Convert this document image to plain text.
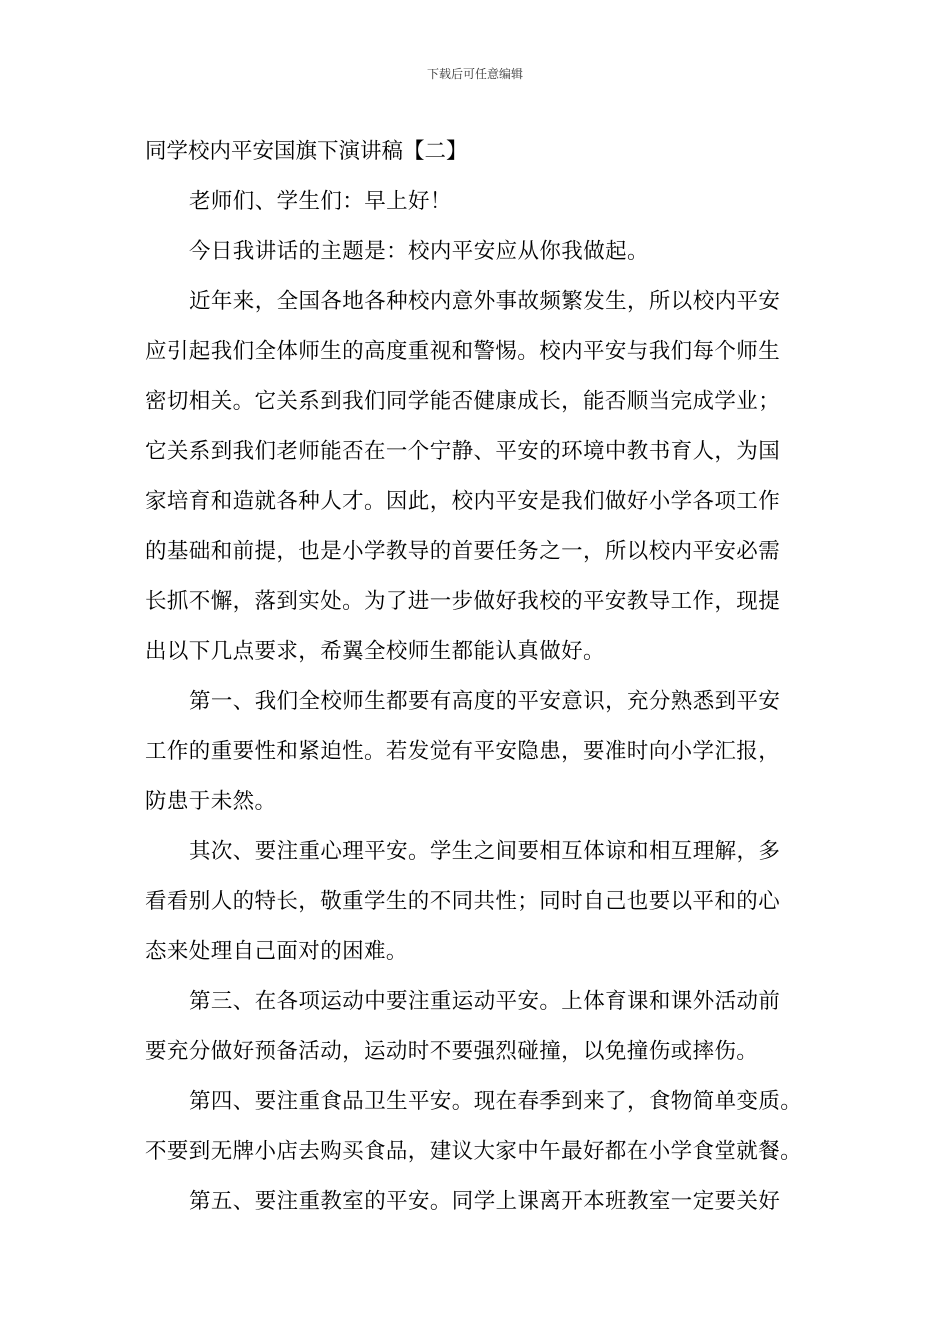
下载后可任意编辑
同学校内平安国旗下演讲稿【二】
老师们、学生们：早上好！
今日我讲话的主题是：校内平安应从你我做起。
近年来，全国各地各种校内意外事故频繁发生，所以校内平安
应引起我们全体师生的高度重视和警惕。校内平安与我们每个师生
密切相关。它关系到我们同学能否健康成长，能否顺当完成学业；
它关系到我们老师能否在一个宁静、平安的环境中教书育人，为国
家培育和造就各种人才。因此，校内平安是我们做好小学各项工作
的基础和前提，也是小学教导的首要任务之一，所以校内平安必需
长抓不懈，落到实处。为了进一步做好我校的平安教导工作，现提
出以下几点要求，希翼全校师生都能认真做好。
第一、我们全校师生都要有高度的平安意识，充分熟悉到平安
工作的重要性和紧迫性。若发觉有平安隐患，要准时向小学汇报，
防患于未然。
其次、要注重心理平安。学生之间要相互体谅和相互理解，多
看看别人的特长，敬重学生的不同共性；同时自己也要以平和的心
态来处理自己面对的困难。
第三、在各项运动中要注重运动平安。上体育课和课外活动前
要充分做好预备活动，运动时不要强烈碰撞，以免撞伤或摔伤。
第四、要注重食品卫生平安。现在春季到来了，食物简单变质。
不要到无牌小店去购买食品，建议大家中午最好都在小学食堂就餐。
第五、要注重教室的平安。同学上课离开本班教室一定要关好
